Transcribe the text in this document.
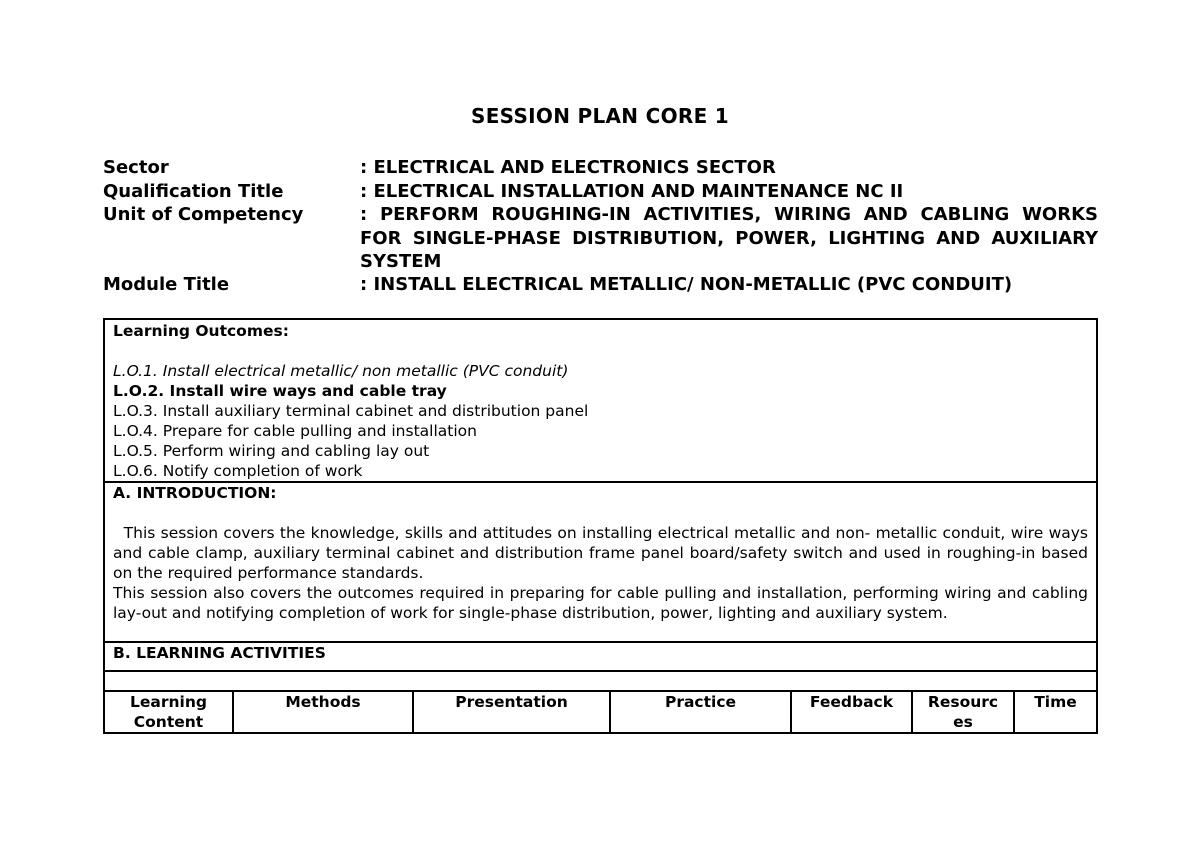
SESSION PLAN CORE 1
Sector	: ELECTRICAL AND ELECTRONICS SECTOR
Qualification Title	: ELECTRICAL INSTALLATION AND MAINTENANCE NC II
Unit of Competency	: PERFORM ROUGHING-IN ACTIVITIES, WIRING AND CABLING WORKS FOR SINGLE-PHASE DISTRIBUTION, POWER, LIGHTING AND AUXILIARY SYSTEM
Module Title	: INSTALL ELECTRICAL METALLIC/ NON-METALLIC (PVC CONDUIT)
Learning Outcomes:
L.O.1. Install electrical metallic/ non metallic (PVC conduit)
L.O.2. Install wire ways and cable tray
L.O.3. Install auxiliary terminal cabinet and distribution panel
L.O.4. Prepare for cable pulling and installation
L.O.5. Perform wiring and cabling lay out
L.O.6. Notify completion of work

A. INTRODUCTION:
This session covers the knowledge, skills and attitudes on installing electrical metallic and non- metallic conduit, wire ways and cable clamp, auxiliary terminal cabinet and distribution frame panel board/safety switch and used in roughing-in based on the required performance standards.
This session also covers the outcomes required in preparing for cable pulling and installation, performing wiring and cabling lay-out and notifying completion of work for single-phase distribution, power, lighting and auxiliary system.

B. LEARNING ACTIVITIES

Learning Content	Methods	Presentation	Practice	Feedback	Resourc es	Time
